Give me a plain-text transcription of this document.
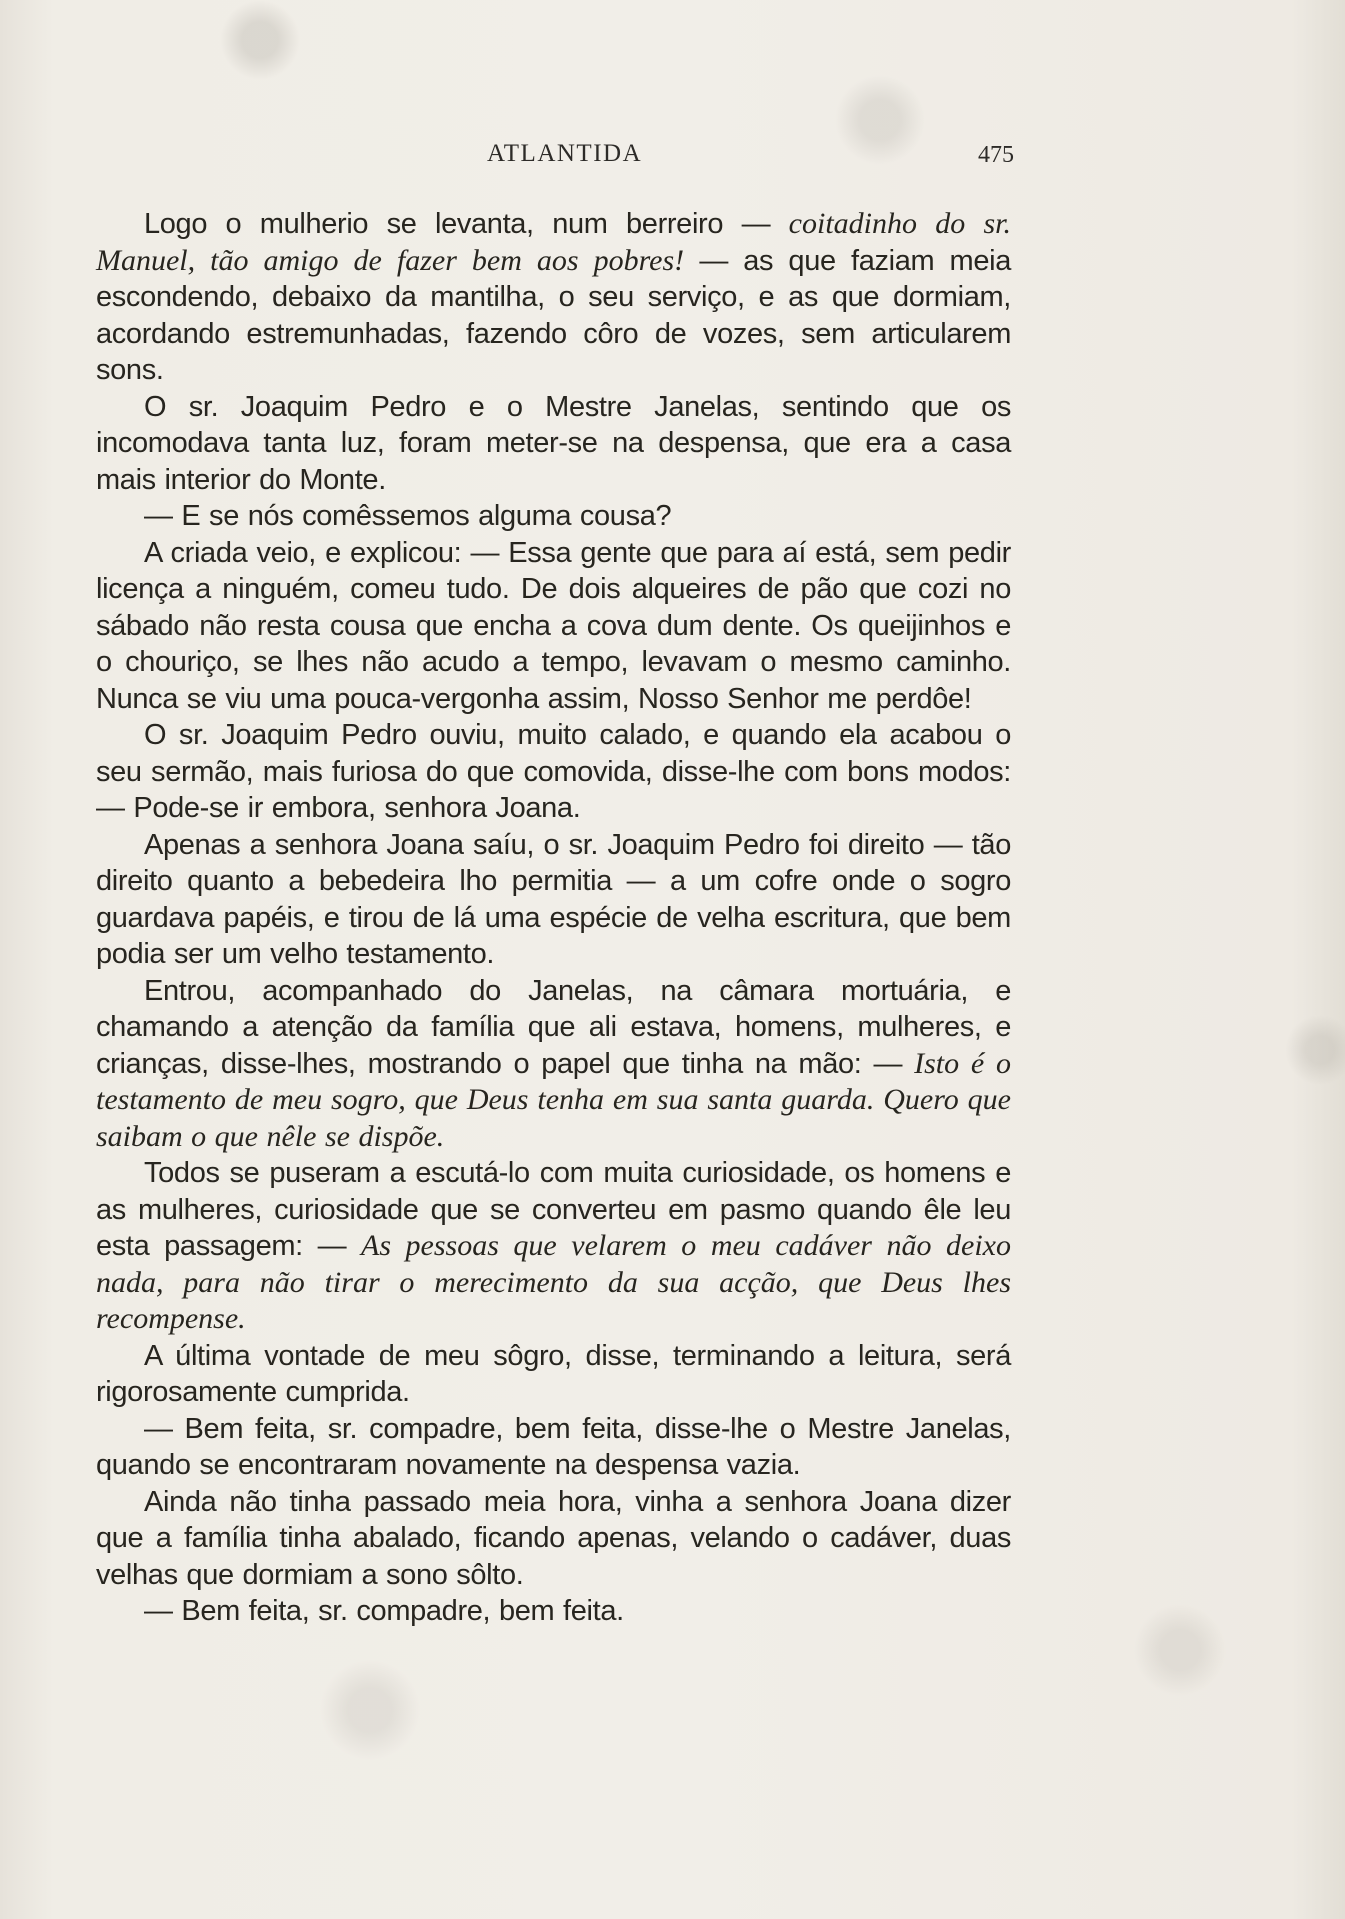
ATLANTIDA	475

Logo o mulherio se levanta, num berreiro — coitadinho do sr. Manuel, tão amigo de fazer bem aos pobres! — as que faziam meia escondendo, debaixo da mantilha, o seu serviço, e as que dormiam, acordando estremunhadas, fazendo côro de vozes, sem articularem sons.

O sr. Joaquim Pedro e o Mestre Janelas, sentindo que os incomodava tanta luz, foram meter-se na despensa, que era a casa mais interior do Monte.

— E se nós comêssemos alguma cousa?

A criada veio, e explicou: — Essa gente que para aí está, sem pedir licença a ninguém, comeu tudo. De dois alqueires de pão que cozi no sábado não resta cousa que encha a cova dum dente. Os queijinhos e o chouriço, se lhes não acudo a tempo, levavam o mesmo caminho. Nunca se viu uma pouca-vergonha assim, Nosso Senhor me perdôe!

O sr. Joaquim Pedro ouviu, muito calado, e quando ela acabou o seu sermão, mais furiosa do que comovida, disse-lhe com bons modos: — Pode-se ir embora, senhora Joana.

Apenas a senhora Joana saíu, o sr. Joaquim Pedro foi direito — tão direito quanto a bebedeira lho permitia — a um cofre onde o sogro guardava papéis, e tirou de lá uma espécie de velha escritura, que bem podia ser um velho testamento.

Entrou, acompanhado do Janelas, na câmara mortuária, e chamando a atenção da família que ali estava, homens, mulheres, e crianças, disse-lhes, mostrando o papel que tinha na mão: — Isto é o testamento de meu sogro, que Deus tenha em sua santa guarda. Quero que saibam o que nêle se dispõe.

Todos se puseram a escutá-lo com muita curiosidade, os homens e as mulheres, curiosidade que se converteu em pasmo quando êle leu esta passagem: — As pessoas que velarem o meu cadáver não deixo nada, para não tirar o merecimento da sua acção, que Deus lhes recompense.

A última vontade de meu sôgro, disse, terminando a leitura, será rigorosamente cumprida.

— Bem feita, sr. compadre, bem feita, disse-lhe o Mestre Janelas, quando se encontraram novamente na despensa vazia.

Ainda não tinha passado meia hora, vinha a senhora Joana dizer que a família tinha abalado, ficando apenas, velando o cadáver, duas velhas que dormiam a sono sôlto.

— Bem feita, sr. compadre, bem feita.
